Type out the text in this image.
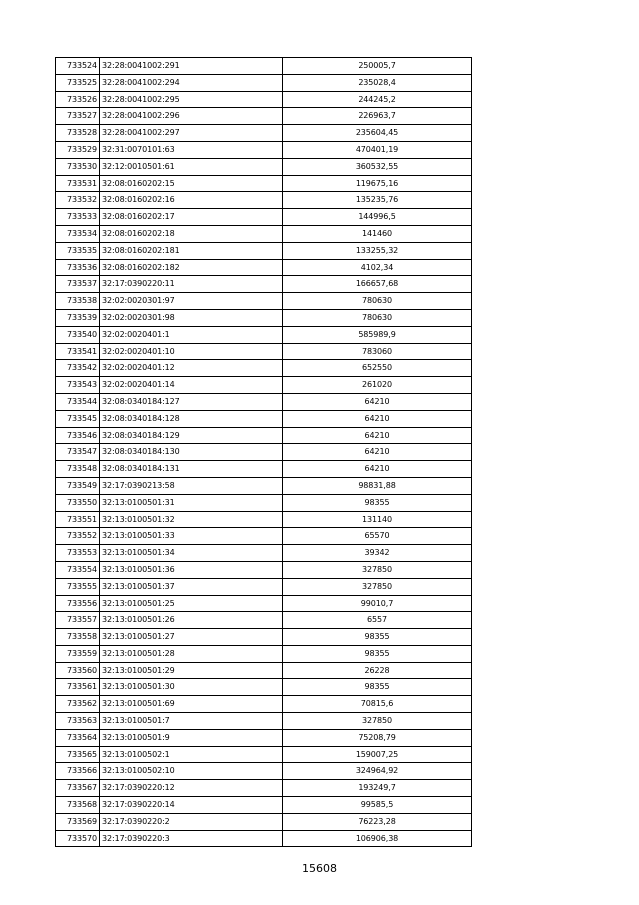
733524	32:28:0041002:291	250005,7
733525	32:28:0041002:294	235028,4
733526	32:28:0041002:295	244245,2
733527	32:28:0041002:296	226963,7
733528	32:28:0041002:297	235604,45
733529	32:31:0070101:63	470401,19
733530	32:12:0010501:61	360532,55
733531	32:08:0160202:15	119675,16
733532	32:08:0160202:16	135235,76
733533	32:08:0160202:17	144996,5
733534	32:08:0160202:18	141460
733535	32:08:0160202:181	133255,32
733536	32:08:0160202:182	4102,34
733537	32:17:0390220:11	166657,68
733538	32:02:0020301:97	780630
733539	32:02:0020301:98	780630
733540	32:02:0020401:1	585989,9
733541	32:02:0020401:10	783060
733542	32:02:0020401:12	652550
733543	32:02:0020401:14	261020
733544	32:08:0340184:127	64210
733545	32:08:0340184:128	64210
733546	32:08:0340184:129	64210
733547	32:08:0340184:130	64210
733548	32:08:0340184:131	64210
733549	32:17:0390213:58	98831,88
733550	32:13:0100501:31	98355
733551	32:13:0100501:32	131140
733552	32:13:0100501:33	65570
733553	32:13:0100501:34	39342
733554	32:13:0100501:36	327850
733555	32:13:0100501:37	327850
733556	32:13:0100501:25	99010,7
733557	32:13:0100501:26	6557
733558	32:13:0100501:27	98355
733559	32:13:0100501:28	98355
733560	32:13:0100501:29	26228
733561	32:13:0100501:30	98355
733562	32:13:0100501:69	70815,6
733563	32:13:0100501:7	327850
733564	32:13:0100501:9	75208,79
733565	32:13:0100502:1	159007,25
733566	32:13:0100502:10	324964,92
733567	32:17:0390220:12	193249,7
733568	32:17:0390220:14	99585,5
733569	32:17:0390220:2	76223,28
733570	32:17:0390220:3	106906,38
15608
